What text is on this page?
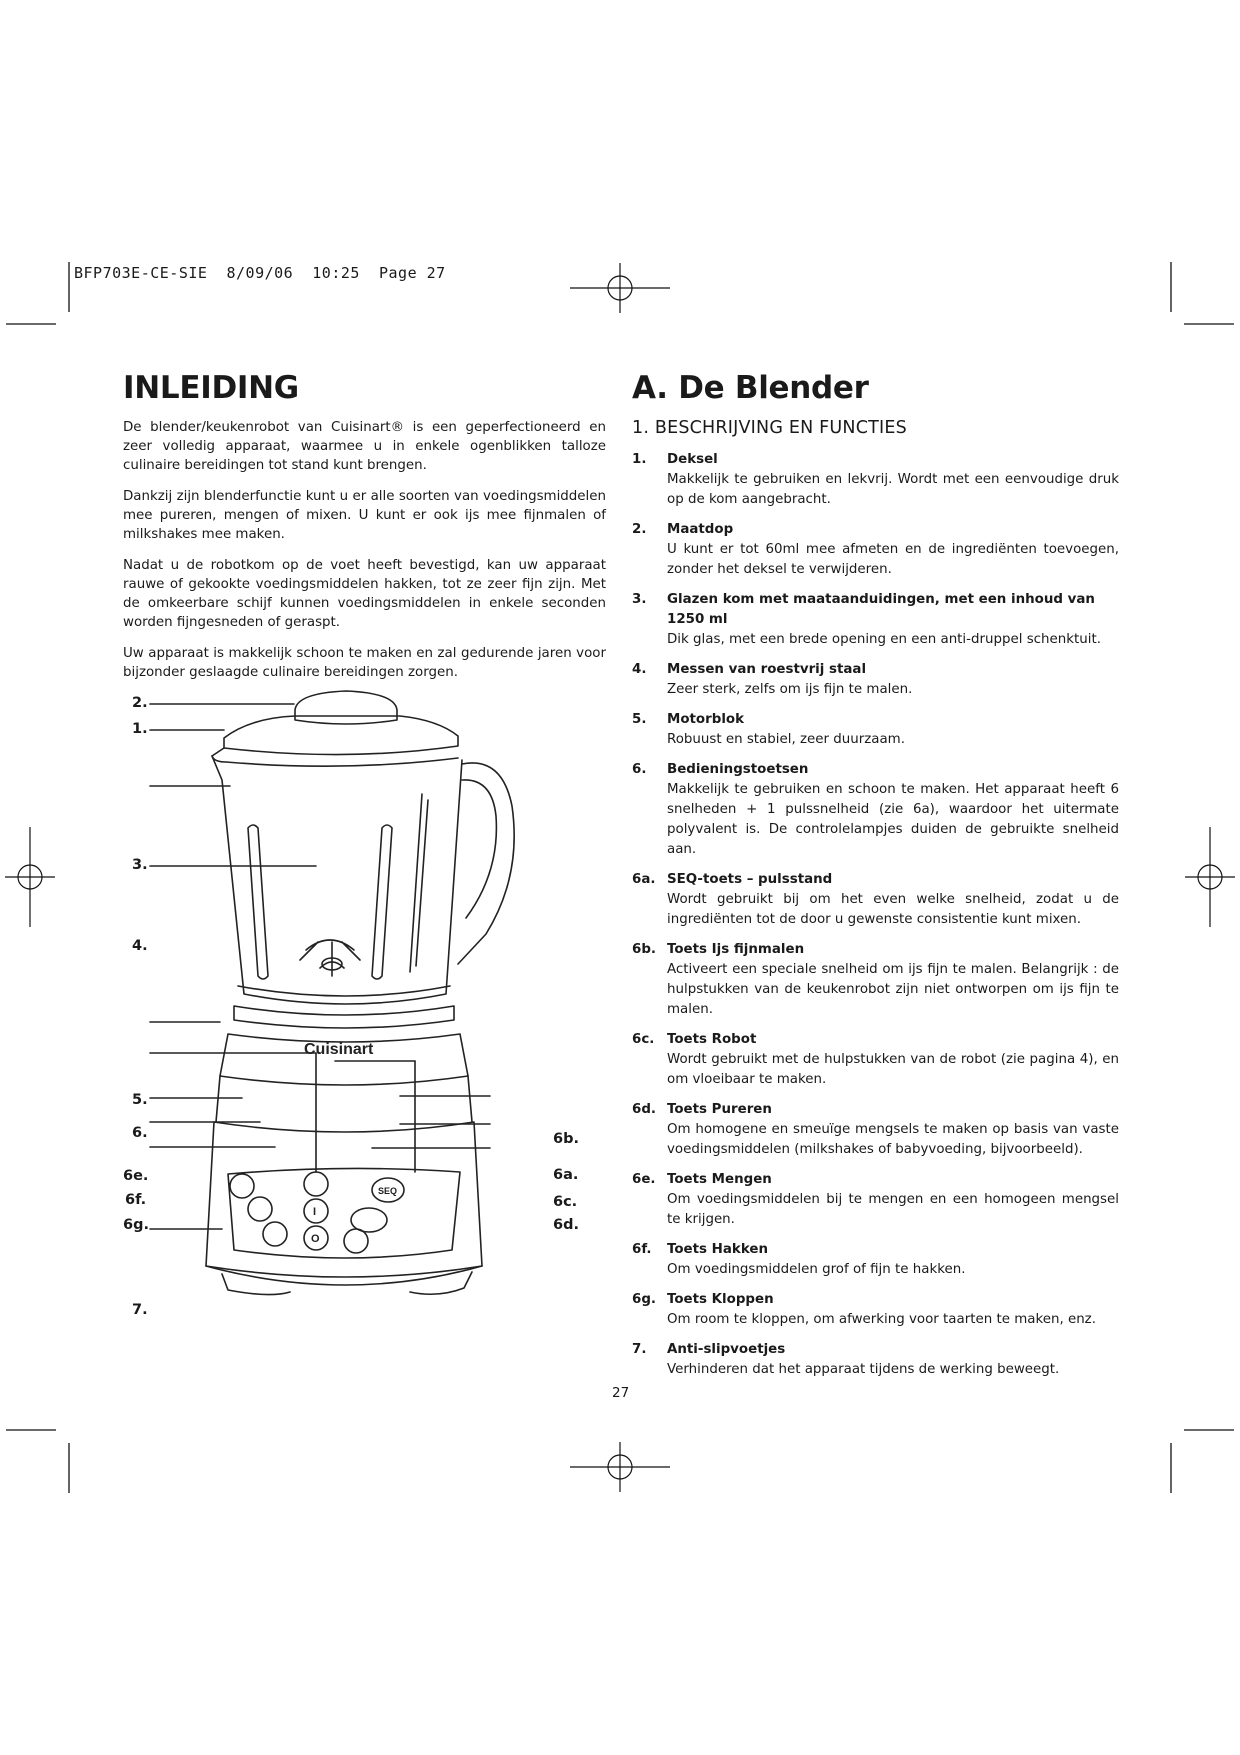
BFP703E-CE-SIE  8/09/06  10:25  Page 27
INLEIDING

De blender/keukenrobot van Cuisinart® is een geperfectioneerd en zeer volledig apparaat, waarmee u in enkele ogenblikken talloze culinaire bereidingen tot stand kunt brengen.

Dankzij zijn blenderfunctie kunt u er alle soorten van voedingsmiddelen mee pureren, mengen of mixen. U kunt er ook ijs mee fijnmalen of milkshakes mee maken.

Nadat u de robotkom op de voet heeft bevestigd, kan uw apparaat rauwe of gekookte voedingsmiddelen hakken, tot ze zeer fijn zijn. Met de omkeerbare schijf kunnen voedingsmiddelen in enkele seconden worden fijngesneden of geraspt.

Uw apparaat is makkelijk schoon te maken en zal gedurende jaren voor bijzonder geslaagde culinaire bereidingen zorgen.

Cuisinart
SEQ
I
O
2.
1.
3.
4.
5.
6.
6e.
6f.
6g.
7.
6b.
6a.
6c.
6d.
A. De Blender
1. BESCHRIJVING EN FUNCTIES
1.	Deksel
Makkelijk te gebruiken en lekvrij. Wordt met een eenvoudige druk op de kom aangebracht.
2.	Maatdop
U kunt er tot 60ml mee afmeten en de ingrediënten toevoegen, zonder het deksel te verwijderen.
3.	Glazen kom met maataanduidingen, met een inhoud van 1250 ml
Dik glas, met een brede opening en een anti-druppel schenktuit.
4.	Messen van roestvrij staal
Zeer sterk, zelfs om ijs fijn te malen.
5.	Motorblok
Robuust en stabiel, zeer duurzaam.
6.	Bedieningstoetsen
Makkelijk te gebruiken en schoon te maken. Het apparaat heeft 6 snelheden + 1 pulssnelheid (zie 6a), waardoor het uitermate polyvalent is. De controlelampjes duiden de gebruikte snelheid aan.
6a. SEQ-toets – pulsstand
Wordt gebruikt bij om het even welke snelheid, zodat u de ingrediënten tot de door u gewenste consistentie kunt mixen.
6b. Toets Ijs fijnmalen
Activeert een speciale snelheid om ijs fijn te malen. Belangrijk : de hulpstukken van de keukenrobot zijn niet ontworpen om ijs fijn te malen.
6c. Toets Robot
Wordt gebruikt met de hulpstukken van de robot (zie pagina 4), en om vloeibaar te maken.
6d. Toets Pureren
Om homogene en smeuïge mengsels te maken op basis van vaste voedingsmiddelen (milkshakes of babyvoeding, bijvoorbeeld).
6e. Toets Mengen
Om voedingsmiddelen bij te mengen en een homogeen mengsel te krijgen.
6f.	Toets Hakken
Om voedingsmiddelen grof of fijn te hakken.
6g. Toets Kloppen
Om room te kloppen, om afwerking voor taarten te maken, enz.
7.	Anti-slipvoetjes
Verhinderen dat het apparaat tijdens de werking beweegt.
27
